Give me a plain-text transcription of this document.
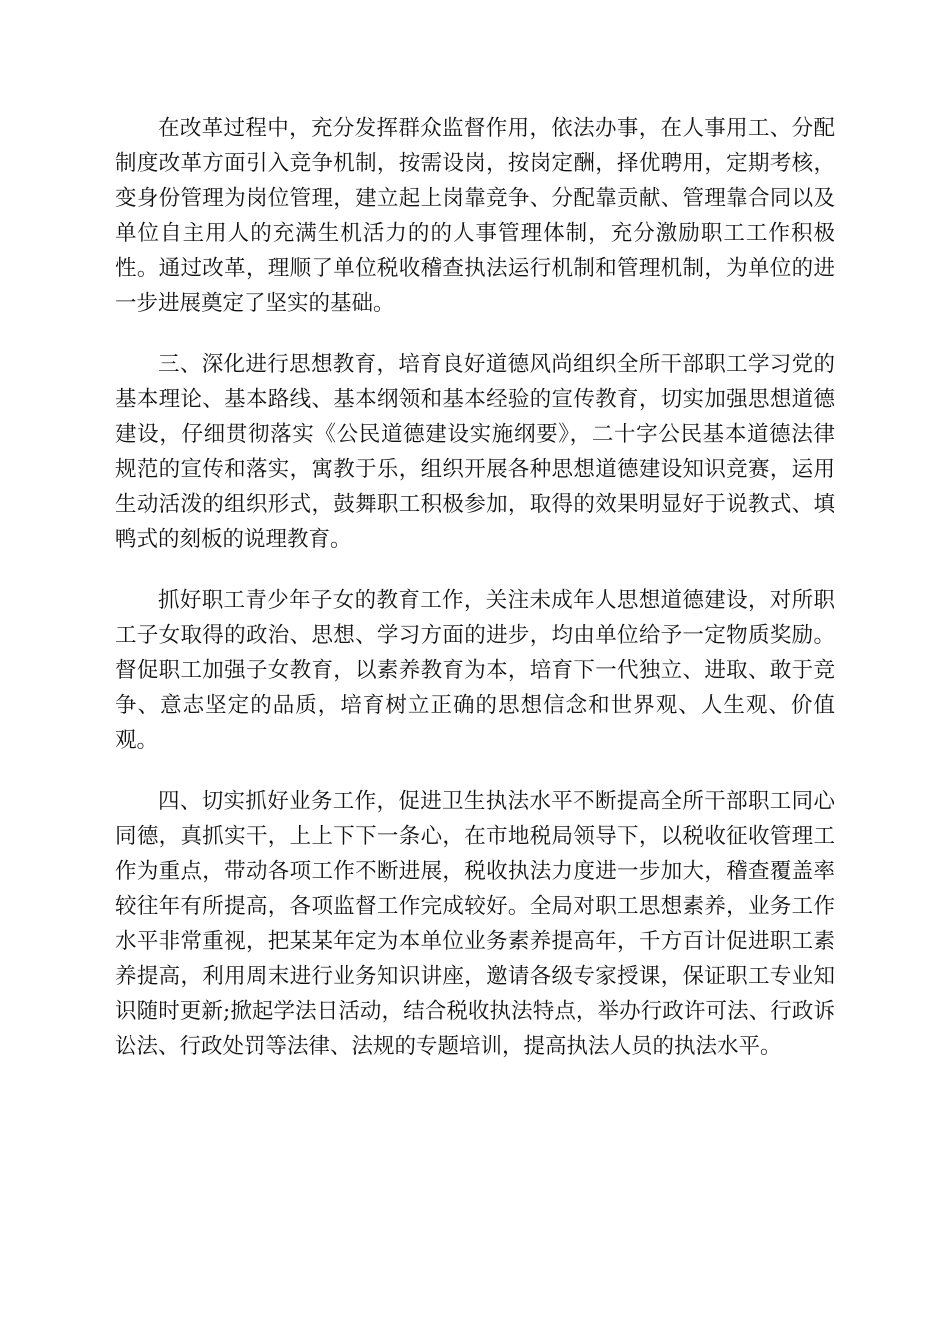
在改革过程中，充分发挥群众监督作用，依法办事，在人事用工、分配制度改革方面引入竞争机制，按需设岗，按岗定酬，择优聘用，定期考核，变身份管理为岗位管理，建立起上岗靠竞争、分配靠贡献、管理靠合同以及单位自主用人的充满生机活力的的人事管理体制，充分激励职工工作积极性。通过改革，理顺了单位税收稽查执法运行机制和管理机制，为单位的进一步进展奠定了坚实的基础。

三、深化进行思想教育，培育良好道德风尚组织全所干部职工学习党的基本理论、基本路线、基本纲领和基本经验的宣传教育，切实加强思想道德建设，仔细贯彻落实《公民道德建设实施纲要》，二十字公民基本道德法律规范的宣传和落实，寓教于乐，组织开展各种思想道德建设知识竞赛，运用生动活泼的组织形式，鼓舞职工积极参加，取得的效果明显好于说教式、填鸭式的刻板的说理教育。

抓好职工青少年子女的教育工作，关注未成年人思想道德建设，对所职工子女取得的政治、思想、学习方面的进步，均由单位给予一定物质奖励。督促职工加强子女教育，以素养教育为本，培育下一代独立、进取、敢于竞争、意志坚定的品质，培育树立正确的思想信念和世界观、人生观、价值观。

四、切实抓好业务工作，促进卫生执法水平不断提高全所干部职工同心同德，真抓实干，上上下下一条心，在市地税局领导下，以税收征收管理工作为重点，带动各项工作不断进展，税收执法力度进一步加大，稽查覆盖率较往年有所提高，各项监督工作完成较好。全局对职工思想素养，业务工作水平非常重视，把某某年定为本单位业务素养提高年，千方百计促进职工素养提高，利用周末进行业务知识讲座，邀请各级专家授课，保证职工专业知识随时更新;掀起学法日活动，结合税收执法特点，举办行政许可法、行政诉讼法、行政处罚等法律、法规的专题培训，提高执法人员的执法水平。
